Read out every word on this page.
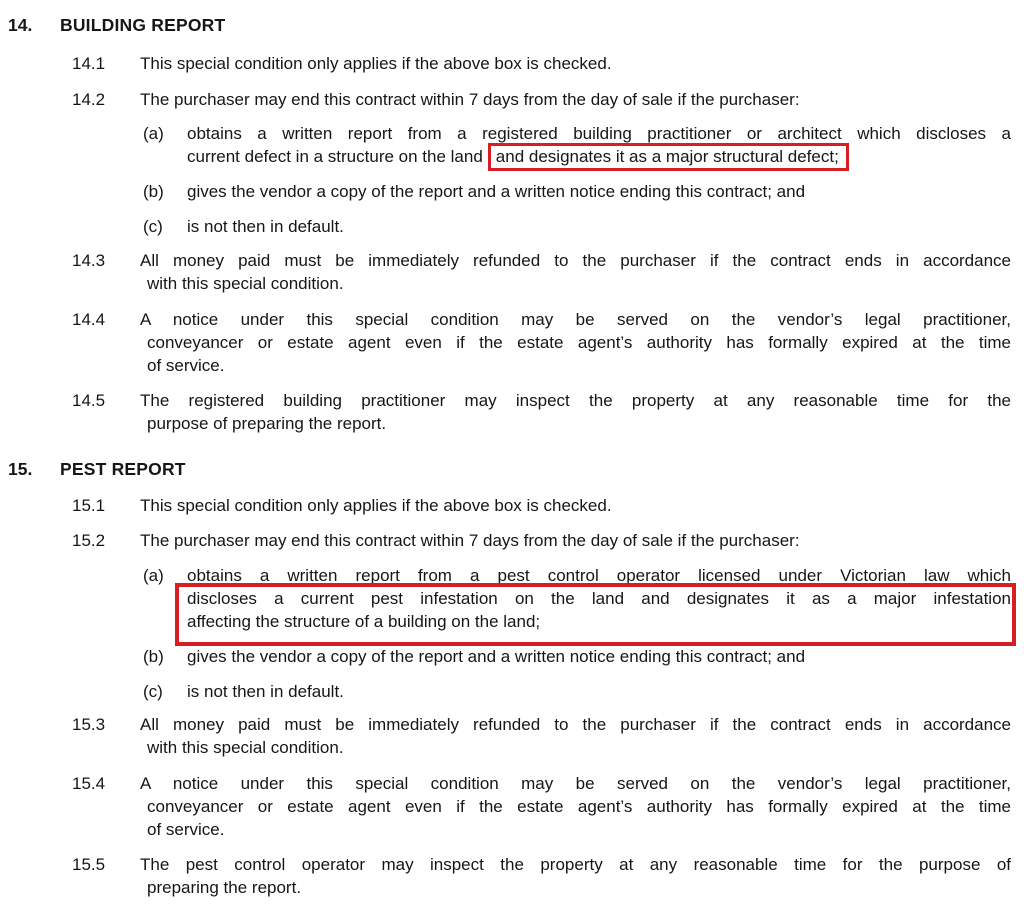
14.	BUILDING REPORT
14.1	This special condition only applies if the above box is checked.
14.2	The purchaser may end this contract within 7 days from the day of sale if the purchaser:
(a)	obtains a written report from a registered building practitioner or architect which discloses a
current defect in a structure on the land and designates it as a major structural defect;
(b)	gives the vendor a copy of the report and a written notice ending this contract; and
(c)	is not then in default.
14.3	All money paid must be immediately refunded to the purchaser if the contract ends in accordance
with this special condition.
14.4	A notice under this special condition may be served on the vendor’s legal practitioner,
conveyancer or estate agent even if the estate agent’s authority has formally expired at the time
of service.
14.5	The registered building practitioner may inspect the property at any reasonable time for the
purpose of preparing the report.
15.	PEST REPORT
15.1	This special condition only applies if the above box is checked.
15.2	The purchaser may end this contract within 7 days from the day of sale if the purchaser:
(a)	obtains a written report from a pest control operator licensed under Victorian law which
discloses a current pest infestation on the land and designates it as a major infestation
affecting the structure of a building on the land;
(b)	gives the vendor a copy of the report and a written notice ending this contract; and
(c)	is not then in default.
15.3	All money paid must be immediately refunded to the purchaser if the contract ends in accordance
with this special condition.
15.4	A notice under this special condition may be served on the vendor’s legal practitioner,
conveyancer or estate agent even if the estate agent’s authority has formally expired at the time
of service.
15.5	The pest control operator may inspect the property at any reasonable time for the purpose of
preparing the report.
